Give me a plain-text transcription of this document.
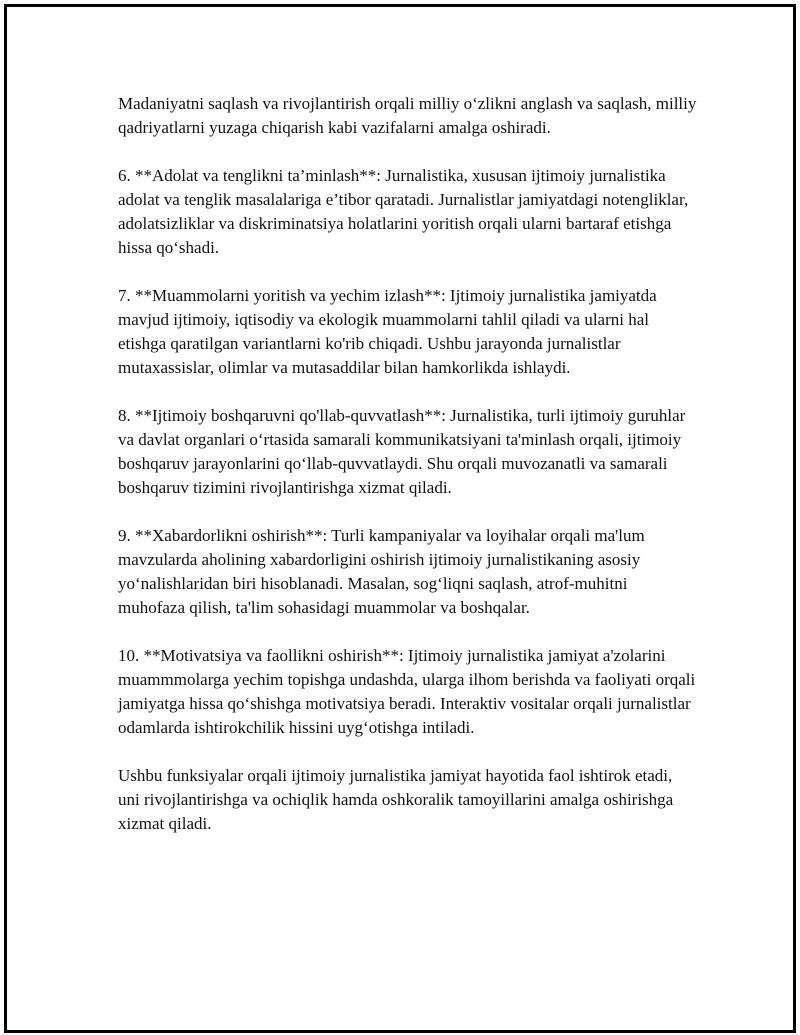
Madaniyatni saqlash va rivojlantirish orqali milliy o‘zlikni anglash va saqlash, milliy qadriyatlarni yuzaga chiqarish kabi vazifalarni amalga oshiradi.

6. **Adolat va tenglikni ta’minlash**: Jurnalistika, xususan ijtimoiy jurnalistika adolat va tenglik masalalariga e’tibor qaratadi. Jurnalistlar jamiyatdagi notengliklar, adolatsizliklar va diskriminatsiya holatlarini yoritish orqali ularni bartaraf etishga hissa qo‘shadi.

7. **Muammolarni yoritish va yechim izlash**: Ijtimoiy jurnalistika jamiyatda mavjud ijtimoiy, iqtisodiy va ekologik muammolarni tahlil qiladi va ularni hal etishga qaratilgan variantlarni ko'rib chiqadi. Ushbu jarayonda jurnalistlar mutaxassislar, olimlar va mutasaddilar bilan hamkorlikda ishlaydi.

8. **Ijtimoiy boshqaruvni qo'llab-quvvatlash**: Jurnalistika, turli ijtimoiy guruhlar va davlat organlari o‘rtasida samarali kommunikatsiyani ta'minlash orqali, ijtimoiy boshqaruv jarayonlarini qo‘llab-quvvatlaydi. Shu orqali muvozanatli va samarali boshqaruv tizimini rivojlantirishga xizmat qiladi.

9. **Xabardorlikni oshirish**: Turli kampaniyalar va loyihalar orqali ma'lum mavzularda aholining xabardorligini oshirish ijtimoiy jurnalistikaning asosiy yo‘nalishlaridan biri hisoblanadi. Masalan, sog‘liqni saqlash, atrof-muhitni muhofaza qilish, ta'lim sohasidagi muammolar va boshqalar.

10. **Motivatsiya va faollikni oshirish**: Ijtimoiy jurnalistika jamiyat a'zolarini muammmolarga yechim topishga undashda, ularga ilhom berishda va faoliyati orqali jamiyatga hissa qo‘shishga motivatsiya beradi. Interaktiv vositalar orqali jurnalistlar odamlarda ishtirokchilik hissini uyg‘otishga intiladi.

Ushbu funksiyalar orqali ijtimoiy jurnalistika jamiyat hayotida faol ishtirok etadi, uni rivojlantirishga va ochiqlik hamda oshkoralik tamoyillarini amalga oshirishga xizmat qiladi.
